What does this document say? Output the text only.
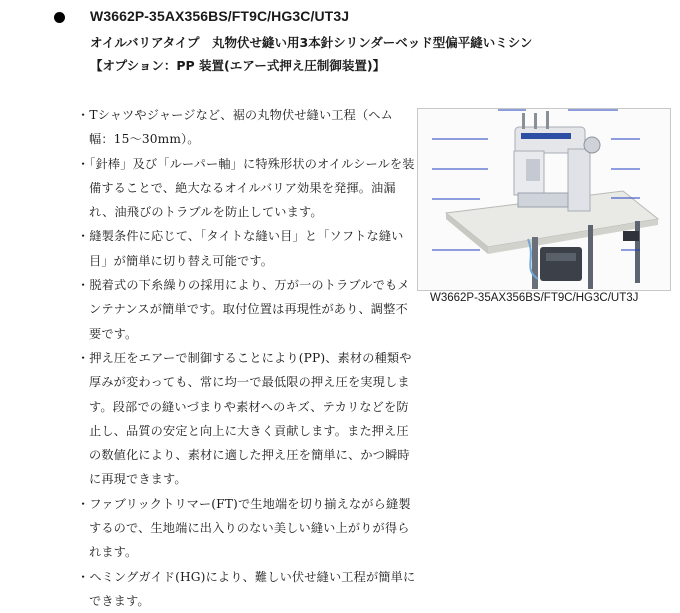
W3662P-35AX356BS/FT9C/HG3C/UT3J
オイルバリアタイプ　丸物伏せ縫い用3本針シリンダーベッド型偏平縫いミシン
【オプション：PP 装置(エアー式押え圧制御装置)】
・Tシャツやジャージなど、裾の丸物伏せ縫い工程（ヘム幅：15～30mm）。
・「針棒」及び「ルーパー軸」に特殊形状のオイルシールを装備することで、絶大なるオイルバリア効果を発揮。油漏れ、油飛びのトラブルを防止しています。
・縫製条件に応じて、「タイトな縫い目」と「ソフトな縫い目」が簡単に切り替え可能です。
・脱着式の下糸繰りの採用により、万が一のトラブルでもメンテナンスが簡単です。取付位置は再現性があり、調整不要です。
・押え圧をエアーで制御することにより(PP)、素材の種類や厚みが変わっても、常に均一で最低限の押え圧を実現します。段部での縫いづまりや素材へのキズ、テカリなどを防止し、品質の安定と向上に大きく貢献します。また押え圧の数値化により、素材に適した押え圧を簡単に、かつ瞬時に再現できます。
・ファブリックトリマー(FT)で生地端を切り揃えながら縫製するので、生地端に出入りのない美しい縫い上がりが得られます。
・ヘミングガイド(HG)により、難しい伏せ縫い工程が簡単にできます。
W3662P-35AX356BS/FT9C/HG3C/UT3J
